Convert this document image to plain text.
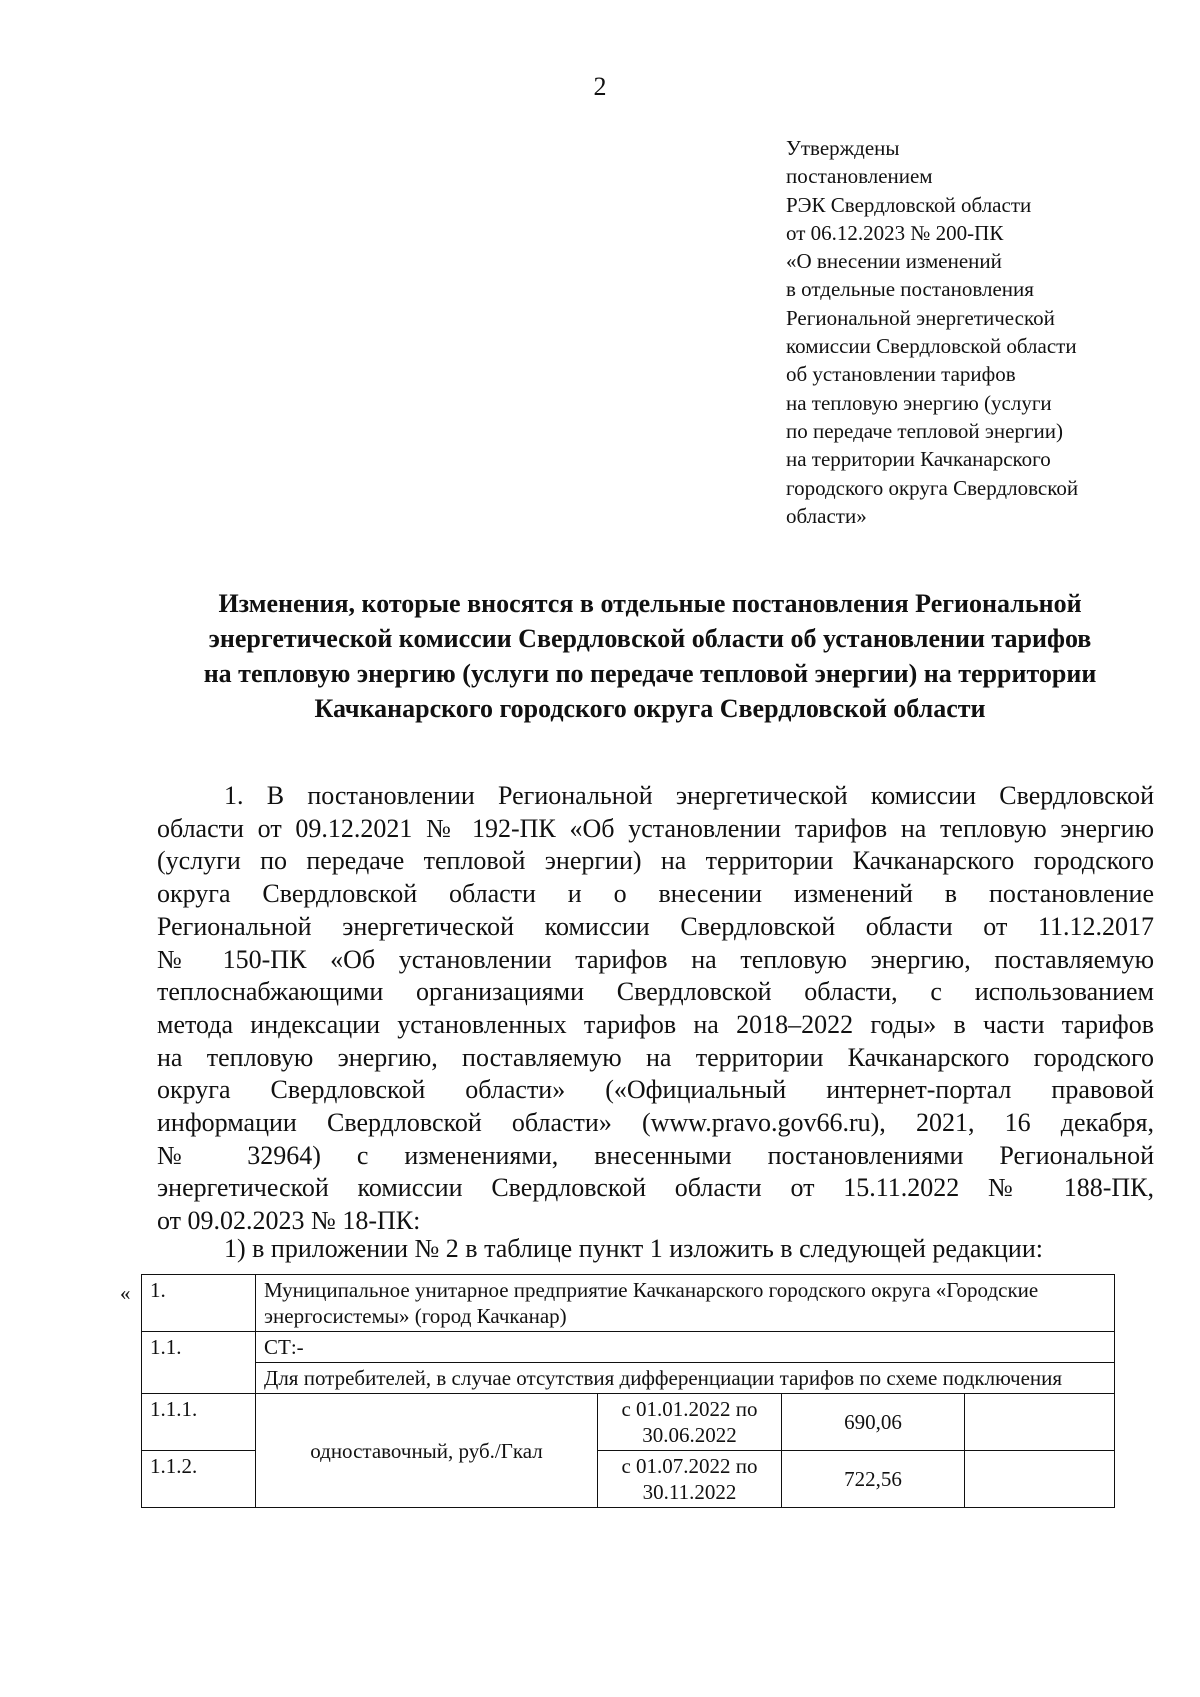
2
Утверждены
постановлением
РЭК Свердловской области
от 06.12.2023 № 200-ПК
«О внесении изменений
в отдельные постановления
Региональной энергетической
комиссии Свердловской области
об установлении тарифов
на тепловую энергию (услуги
по передаче тепловой энергии)
на территории Качканарского
городского округа Свердловской
области»
Изменения, которые вносятся в отдельные постановления Региональной
энергетической комиссии Свердловской области об установлении тарифов
на тепловую энергию (услуги по передаче тепловой энергии) на территории
Качканарского городского округа Свердловской области
1. В постановлении Региональной энергетической комиссии Свердловской
области от 09.12.2021 № 192-ПК «Об установлении тарифов на тепловую энергию
(услуги по передаче тепловой энергии) на территории Качканарского городского
округа Свердловской области и о внесении изменений в постановление
Региональной энергетической комиссии Свердловской области от 11.12.2017
№ 150-ПК «Об установлении тарифов на тепловую энергию, поставляемую
теплоснабжающими организациями Свердловской области, с использованием
метода индексации установленных тарифов на 2018–2022 годы» в части тарифов
на тепловую энергию, поставляемую на территории Качканарского городского
округа Свердловской области» («Официальный интернет-портал правовой
информации Свердловской области» (www.pravo.gov66.ru), 2021, 16 декабря,
№ 32964) с изменениями, внесенными постановлениями Региональной
энергетической комиссии Свердловской области от 15.11.2022 № 188-ПК,
от 09.02.2023 № 18-ПК:
1) в приложении № 2 в таблице пункт 1 изложить в следующей редакции:
« 1.	Муниципальное унитарное предприятие Качканарского городского округа «Городские энергосистемы» (город Качканар)			
1.1.	СТ:-			
	Для потребителей, в случае отсутствия дифференциации тарифов по схеме подключения			
1.1.1.	одноставочный, руб./Гкал	с 01.01.2022 по 30.06.2022	690,06	
1.1.2.		с 01.07.2022 по 30.11.2022	722,56	
